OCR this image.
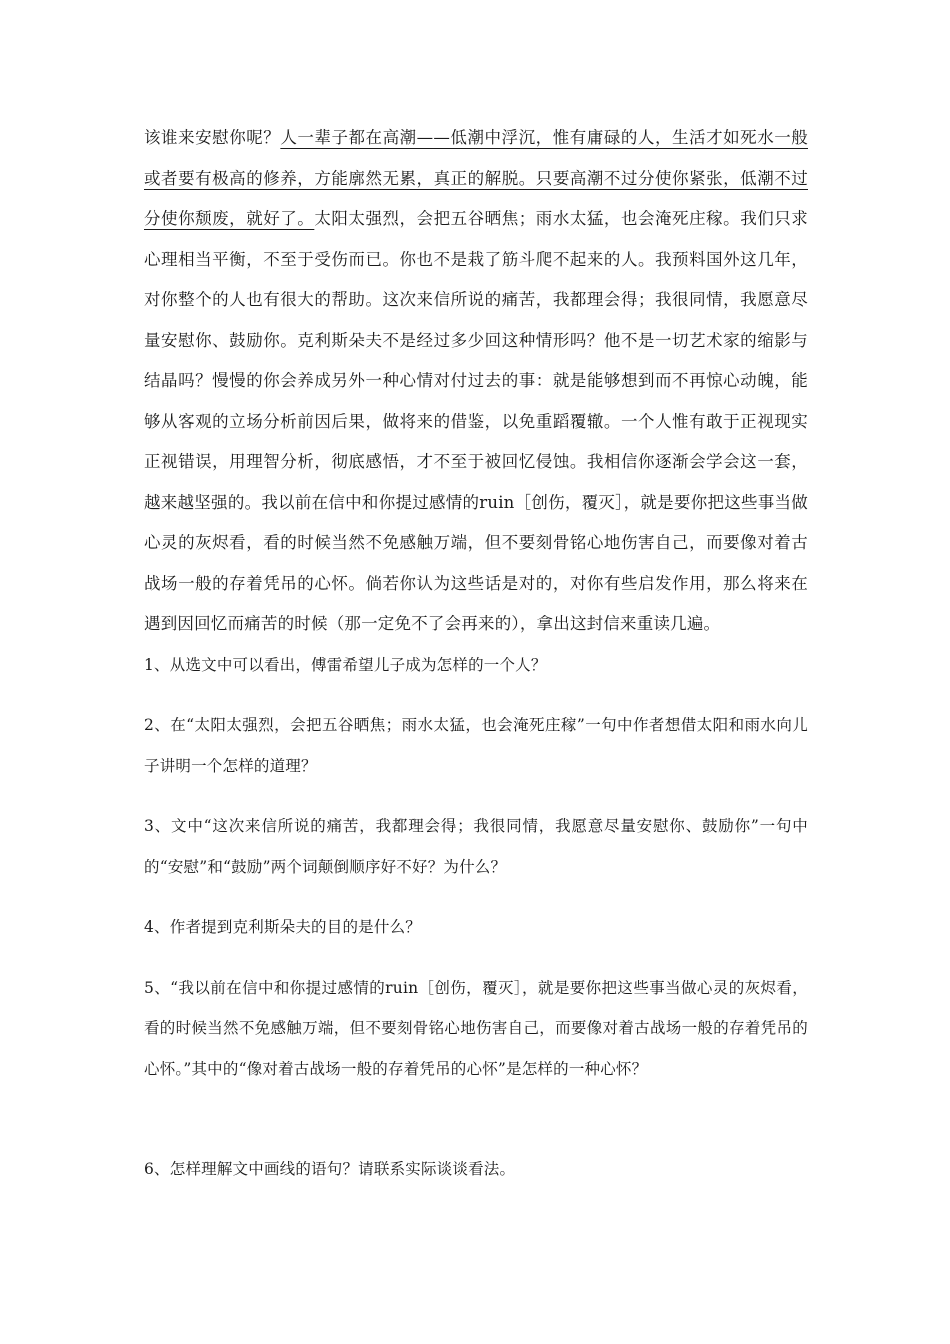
该谁来安慰你呢？人一辈子都在高潮——低潮中浮沉，惟有庸碌的人，生活才如死水一般或者要有极高的修养，方能廓然无累，真正的解脱。只要高潮不过分使你紧张，低潮不过分使你颓废，就好了。太阳太强烈，会把五谷晒焦；雨水太猛，也会淹死庄稼。我们只求心理相当平衡，不至于受伤而已。你也不是栽了筋斗爬不起来的人。我预料国外这几年，对你整个的人也有很大的帮助。这次来信所说的痛苦，我都理会得；我很同情，我愿意尽量安慰你、鼓励你。克利斯朵夫不是经过多少回这种情形吗？他不是一切艺术家的缩影与结晶吗？慢慢的你会养成另外一种心情对付过去的事：就是能够想到而不再惊心动魄，能够从客观的立场分析前因后果，做将来的借鉴，以免重蹈覆辙。一个人惟有敢于正视现实正视错误，用理智分析，彻底感悟，才不至于被回忆侵蚀。我相信你逐渐会学会这一套，越来越坚强的。我以前在信中和你提过感情的ruin［创伤，覆灭］，就是要你把这些事当做心灵的灰烬看，看的时候当然不免感触万端，但不要刻骨铭心地伤害自己，而要像对着古战场一般的存着凭吊的心怀。倘若你认为这些话是对的，对你有些启发作用，那么将来在遇到因回忆而痛苦的时候（那一定免不了会再来的），拿出这封信来重读几遍。

1、从选文中可以看出，傅雷希望儿子成为怎样的一个人？

2、在“太阳太强烈，会把五谷晒焦；雨水太猛，也会淹死庄稼”一句中作者想借太阳和雨水向儿子讲明一个怎样的道理？

3、文中“这次来信所说的痛苦，我都理会得；我很同情，我愿意尽量安慰你、鼓励你”一句中的“安慰”和“鼓励”两个词颠倒顺序好不好？为什么？

4、作者提到克利斯朵夫的目的是什么？

5、“我以前在信中和你提过感情的ruin［创伤，覆灭］，就是要你把这些事当做心灵的灰烬看，看的时候当然不免感触万端，但不要刻骨铭心地伤害自己，而要像对着古战场一般的存着凭吊的心怀。”其中的“像对着古战场一般的存着凭吊的心怀”是怎样的一种心怀？

6、怎样理解文中画线的语句？请联系实际谈谈看法。
